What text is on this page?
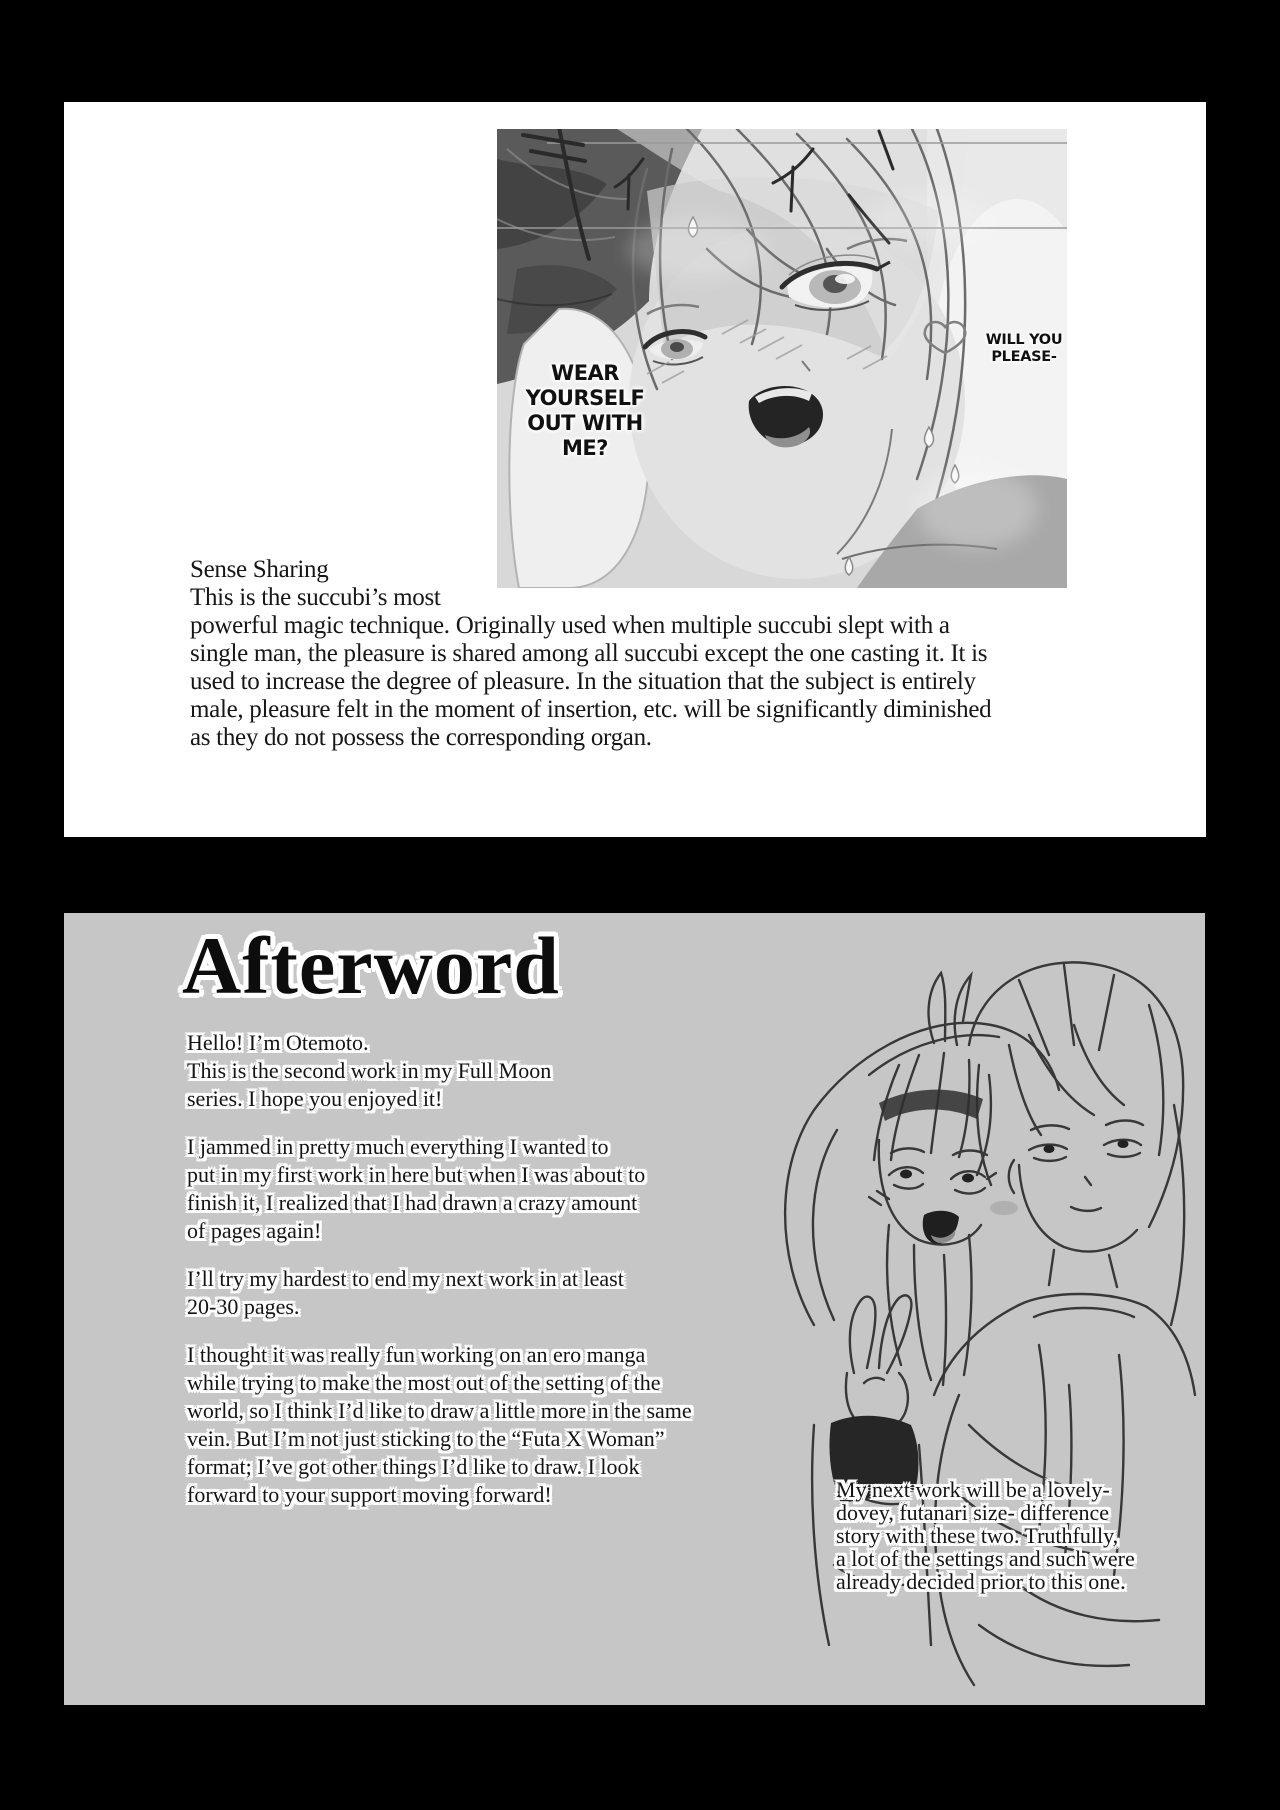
WEAR
YOURSELF
OUT WITH
ME?
WILL YOU
PLEASE-
Sense Sharing
This is the succubi’s most
powerful magic technique. Originally used when multiple succubi slept with a
single man, the pleasure is shared among all succubi except the one casting it. It is
used to increase the degree of pleasure. In the situation that the subject is entirely
male, pleasure felt in the moment of insertion, etc. will be significantly diminished
as they do not possess the corresponding organ.
Afterword

Hello! I’m Otemoto.
This is the second work in my Full Moon
series. I hope you enjoyed it!

I jammed in pretty much everything I wanted to
put in my first work in here but when I was about to
finish it, I realized that I had drawn a crazy amount
of pages again!

I’ll try my hardest to end my next work in at least
20-30 pages.

I thought it was really fun working on an ero manga
while trying to make the most out of the setting of the
world, so I think I’d like to draw a little more in the same
vein. But I’m not just sticking to the “Futa X Woman”
format; I’ve got other things I’d like to draw. I look
forward to your support moving forward!	My next work will be a lovely-
dovey, futanari size- difference
story with these two. Truthfully,
a lot of the settings and such were
already decided prior to this one.
